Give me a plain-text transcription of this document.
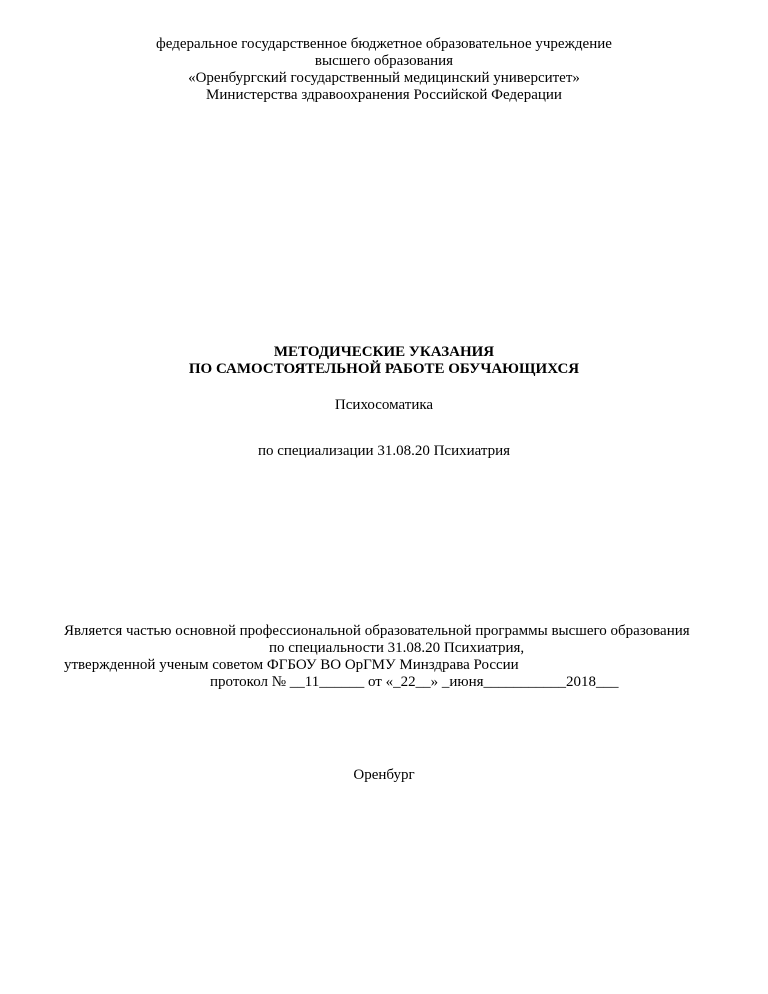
федеральное государственное бюджетное образовательное учреждение
высшего образования
«Оренбургский государственный медицинский университет»
Министерства здравоохранения Российской Федерации
МЕТОДИЧЕСКИЕ УКАЗАНИЯ
ПО САМОСТОЯТЕЛЬНОЙ РАБОТЕ ОБУЧАЮЩИХСЯ
Психосоматика
по специализации 31.08.20 Психиатрия
Является частью основной профессиональной образовательной программы высшего образования
по специальности 31.08.20 Психиатрия,
утвержденной ученым советом ФГБОУ ВО ОрГМУ Минздрава России
протокол № __11______ от «_22__» _июня___________2018___
Оренбург
